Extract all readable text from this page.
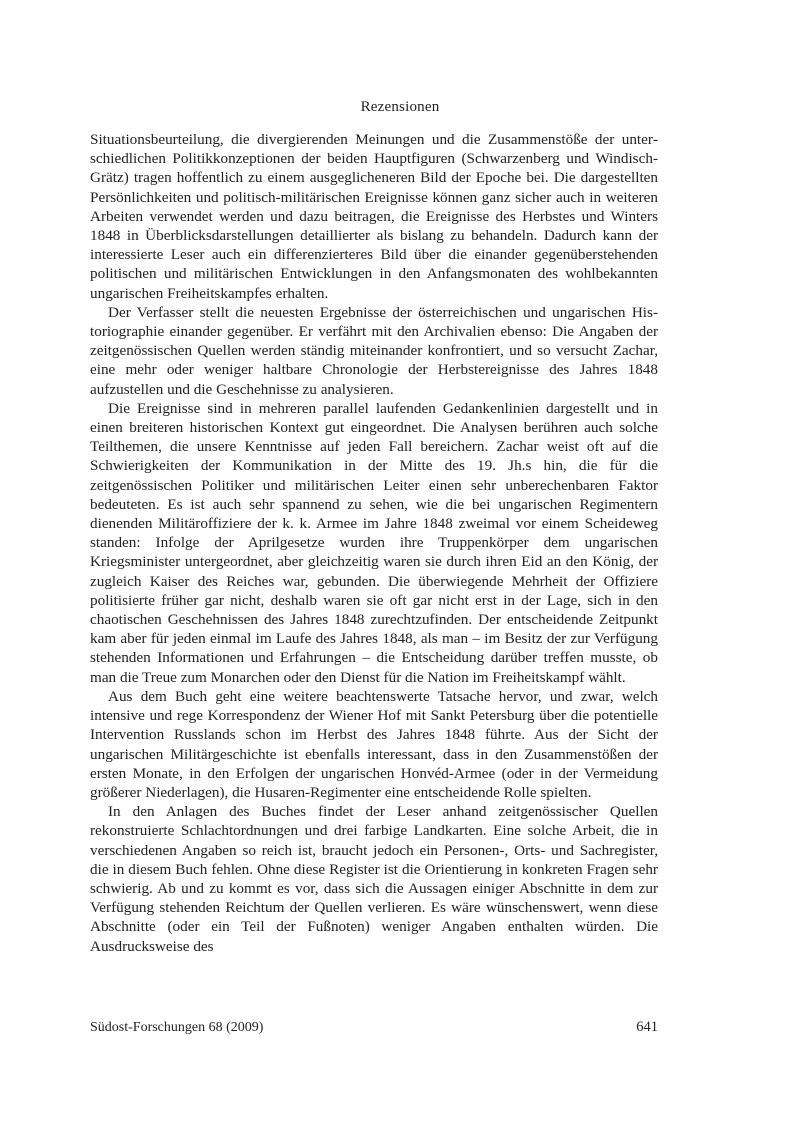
Rezensionen

Situationsbeurteilung, die divergierenden Meinungen und die Zusammenstöße der unterschiedlichen Politikkonzeptionen der beiden Hauptfiguren (Schwarzenberg und WindischGrätz) tragen hoffentlich zu einem ausgeglicheneren Bild der Epoche bei. Die dargestellten Persönlichkeiten und politisch-militärischen Ereignisse können ganz sicher auch in weiteren Arbeiten verwendet werden und dazu beitragen, die Ereignisse des Herbstes und Winters 1848 in Überblicksdarstellungen detaillierter als bislang zu behandeln. Dadurch kann der interessierte Leser auch ein differenzierteres Bild über die einander gegenüberstehenden politischen und militärischen Entwicklungen in den Anfangsmonaten des wohlbekannten ungarischen Freiheitskampfes erhalten.

Der Verfasser stellt die neuesten Ergebnisse der österreichischen und ungarischen Historiographie einander gegenüber. Er verfährt mit den Archivalien ebenso: Die Angaben der zeitgenössischen Quellen werden ständig miteinander konfrontiert, und so versucht Zachar, eine mehr oder weniger haltbare Chronologie der Herbstereignisse des Jahres 1848 aufzustellen und die Geschehnisse zu analysieren.

Die Ereignisse sind in mehreren parallel laufenden Gedankenlinien dargestellt und in einen breiteren historischen Kontext gut eingeordnet. Die Analysen berühren auch solche Teilthemen, die unsere Kenntnisse auf jeden Fall bereichern. Zachar weist oft auf die Schwierigkeiten der Kommunikation in der Mitte des 19. Jh.s hin, die für die zeitgenössischen Politiker und militärischen Leiter einen sehr unberechenbaren Faktor bedeuteten. Es ist auch sehr spannend zu sehen, wie die bei ungarischen Regimentern dienenden Militäroffiziere der k. k. Armee im Jahre 1848 zweimal vor einem Scheideweg standen: Infolge der Aprilgesetze wurden ihre Truppenkörper dem ungarischen Kriegsminister untergeordnet, aber gleichzeitig waren sie durch ihren Eid an den König, der zugleich Kaiser des Reiches war, gebunden. Die überwiegende Mehrheit der Offiziere politisierte früher gar nicht, deshalb waren sie oft gar nicht erst in der Lage, sich in den chaotischen Geschehnissen des Jahres 1848 zurechtzufinden. Der entscheidende Zeitpunkt kam aber für jeden einmal im Laufe des Jahres 1848, als man – im Besitz der zur Verfügung stehenden Informationen und Erfahrungen – die Entscheidung darüber treffen musste, ob man die Treue zum Monarchen oder den Dienst für die Nation im Freiheitskampf wählt.

Aus dem Buch geht eine weitere beachtenswerte Tatsache hervor, und zwar, welch intensive und rege Korrespondenz der Wiener Hof mit Sankt Petersburg über die potentielle Intervention Russlands schon im Herbst des Jahres 1848 führte. Aus der Sicht der ungarischen Militärgeschichte ist ebenfalls interessant, dass in den Zusammenstößen der ersten Monate, in den Erfolgen der ungarischen Honvéd-Armee (oder in der Vermeidung größerer Niederlagen), die Husaren-Regimenter eine entscheidende Rolle spielten.

In den Anlagen des Buches findet der Leser anhand zeitgenössischer Quellen rekonstruierte Schlachtordnungen und drei farbige Landkarten. Eine solche Arbeit, die in verschiedenen Angaben so reich ist, braucht jedoch ein Personen-, Orts- und Sachregister, die in diesem Buch fehlen. Ohne diese Register ist die Orientierung in konkreten Fragen sehr schwierig. Ab und zu kommt es vor, dass sich die Aussagen einiger Abschnitte in dem zur Verfügung stehenden Reichtum der Quellen verlieren. Es wäre wünschenswert, wenn diese Abschnitte (oder ein Teil der Fußnoten) weniger Angaben enthalten würden. Die Ausdrucksweise des

Südost-Forschungen 68 (2009)	641
